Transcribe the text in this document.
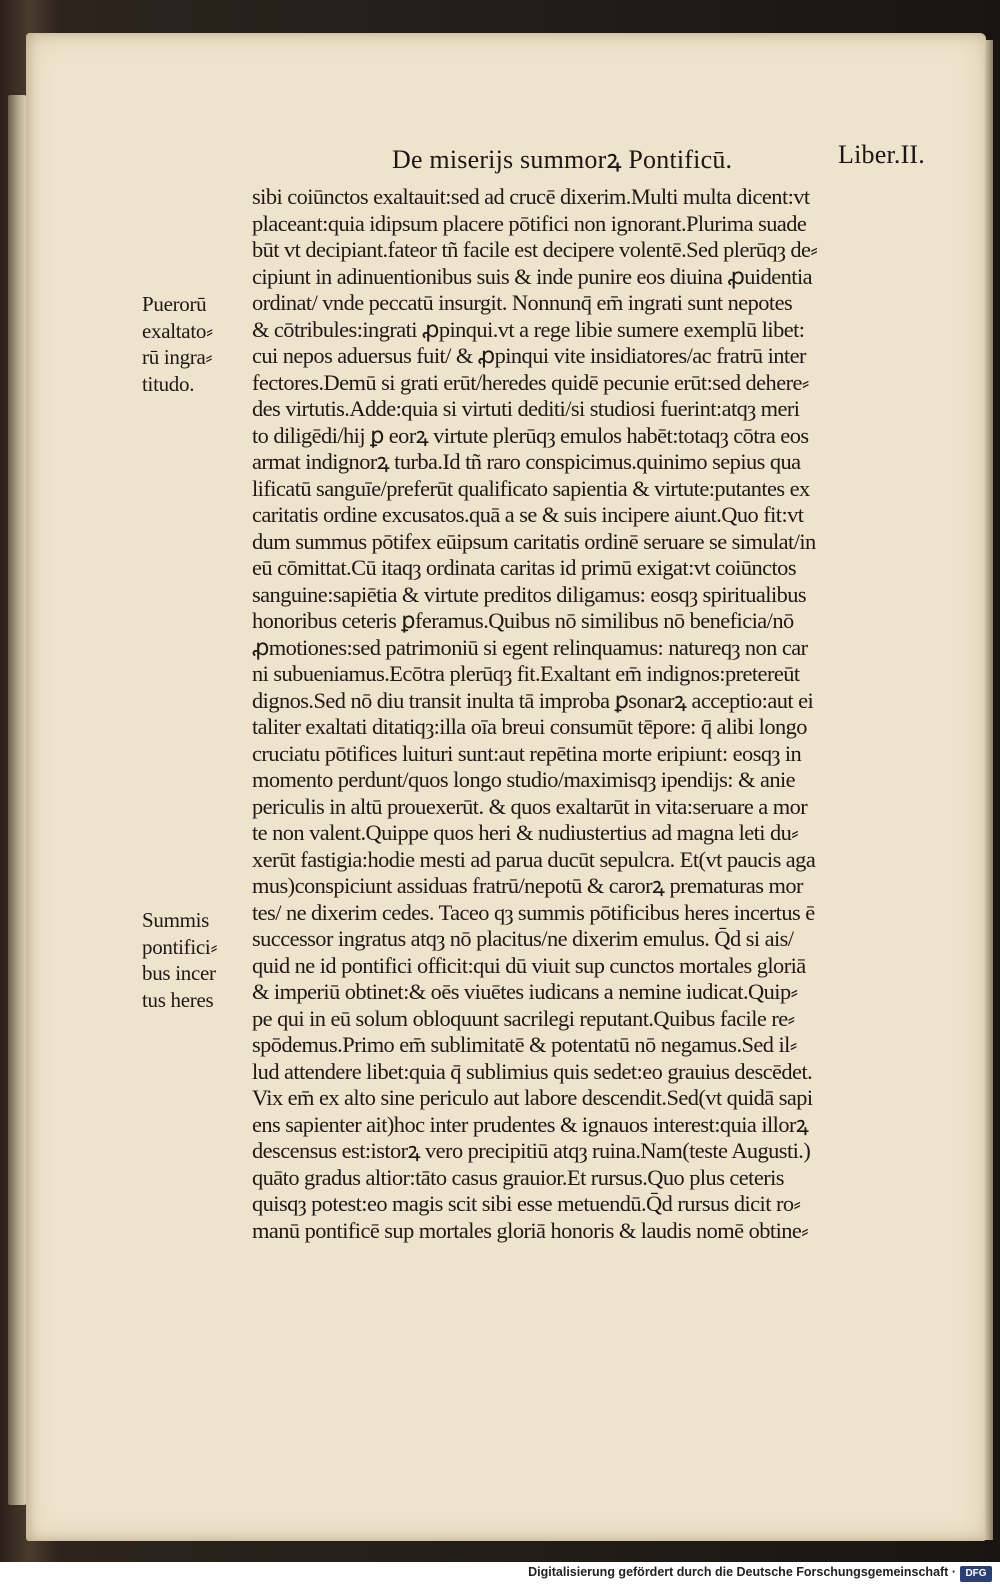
De miserijs summorꝝ Pontificū.	Liber.II.
Puerorū
exaltato⸗
rū ingra⸗
titudo.
Summis
pontifici⸗
bus incer
tus heres
sibi coiūnctos exaltauit:sed ad crucē dixerim.Multi multa dicent:vt
placeant:quia idipsum placere pōtifici non ignorant.Plurima suade
būt vt decipiant.fateor tñ facile est decipere volentē.Sed plerūqȝ de⸗
cipiunt in adinuentionibus suis & inde punire eos diuina ꝓuidentia
ordinat/ vnde peccatū insurgit. Nonnunq̄ em̄ ingrati sunt nepotes
& cōtribules:ingrati ꝓpinqui.vt a rege libie sumere exemplū libet:
cui nepos aduersus fuit/ & ꝓpinqui vite insidiatores/ac fratrū inter
fectores.Demū si grati erūt/heredes quidē pecunie erūt:sed dehere⸗
des virtutis.Adde:quia si virtuti dediti/si studiosi fuerint:atqȝ meri
to diligēdi/hij ꝑ eorꝝ virtute plerūqȝ emulos habēt:totaqȝ cōtra eos
armat indignorꝝ turba.Id tñ raro conspicimus.quinimo sepius qua
lificatū sanguīe/preferūt qualificato sapientia & virtute:putantes ex
caritatis ordine excusatos.quā a se & suis incipere aiunt.Quo fit:vt
dum summus pōtifex eūipsum caritatis ordinē seruare se simulat/in
eū cōmittat.Cū itaqȝ ordinata caritas id primū exigat:vt coiūnctos
sanguine:sapiētia & virtute preditos diligamus: eosqȝ spiritualibus
honoribus ceteris ꝑferamus.Quibus nō similibus nō beneficia/nō
ꝓmotiones:sed patrimoniū si egent relinquamus: natureqȝ non car
ni subueniamus.Ecōtra plerūqȝ fit.Exaltant em̄ indignos:pretereūt
dignos.Sed nō diu transit inulta tā improba ꝑsonarꝝ acceptio:aut ei
taliter exaltati ditatiqȝ:illa oīa breui consumūt tēpore: q̄ alibi longo
cruciatu pōtifices luituri sunt:aut repētina morte eripiunt: eosqȝ in
momento perdunt/quos longo studio/maximisqȝ ipendijs: & anie
periculis in altū prouexerūt. & quos exaltarūt in vita:seruare a mor
te non valent.Quippe quos heri & nudiustertius ad magna leti du⸗
xerūt fastigia:hodie mesti ad parua ducūt sepulcra. Et(vt paucis aga
mus)conspiciunt assiduas fratrū/nepotū & carorꝝ prematuras mor
tes/ ne dixerim cedes. Taceo qȝ summis pōtificibus heres incertus ē
successor ingratus atqȝ nō placitus/ne dixerim emulus. Q̄d si ais/
quid ne id pontifici officit:qui dū viuit sup cunctos mortales gloriā
& imperiū obtinet:& oēs viuētes iudicans a nemine iudicat.Quip⸗
pe qui in eū solum obloquunt sacrilegi reputant.Quibus facile re⸗
spōdemus.Primo em̄ sublimitatē & potentatū nō negamus.Sed il⸗
lud attendere libet:quia q̄ sublimius quis sedet:eo grauius descēdet.
Vix em̄ ex alto sine periculo aut labore descendit.Sed(vt quidā sapi
ens sapienter ait)hoc inter prudentes & ignauos interest:quia illorꝝ
descensus est:istorꝝ vero precipitiū atqȝ ruina.Nam(teste Augusti.)
quāto gradus altior:tāto casus grauior.Et rursus.Quo plus ceteris
quisqȝ potest:eo magis scit sibi esse metuendū.Q̄d rursus dicit ro⸗
manū pontificē sup mortales gloriā honoris & laudis nomē obtine⸗
Digitalisierung gefördert durch die Deutsche Forschungsgemeinschaft · DFG
